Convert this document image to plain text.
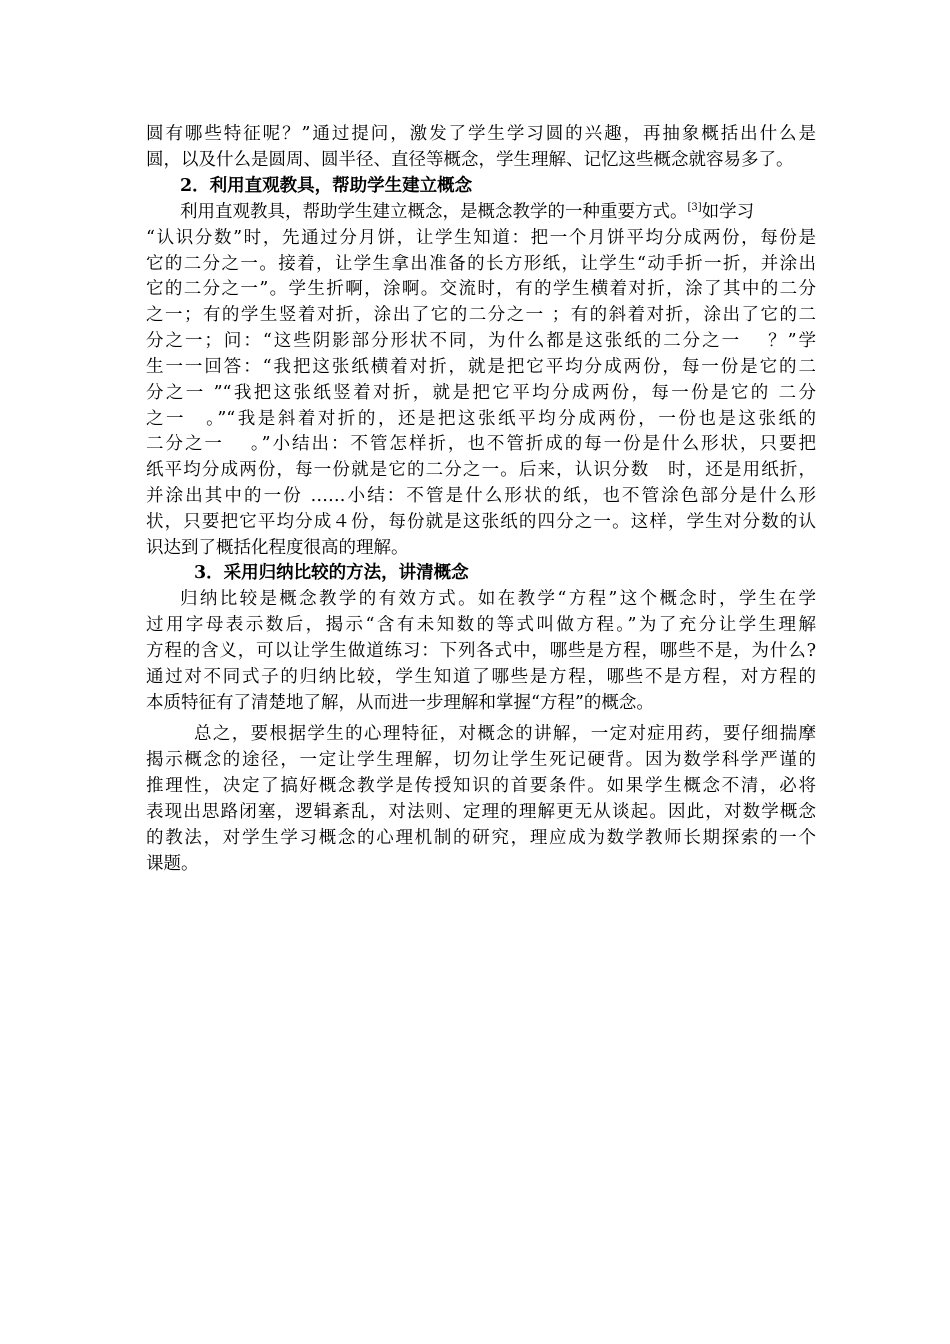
圆有哪些特征呢？”通过提问，激发了学生学习圆的兴趣，再抽象概括出什么是
圆，以及什么是圆周、圆半径、直径等概念，学生理解、记忆这些概念就容易多了。
2．利用直观教具，帮助学生建立概念
利用直观教具，帮助学生建立概念，是概念教学的一种重要方式。[3]如学习
“认识分数”时，先通过分月饼，让学生知道：把一个月饼平均分成两份，每份是
它的二分之一。接着，让学生拿出准备的长方形纸，让学生“动手折一折，并涂出
它的二分之一”。学生折啊，涂啊。交流时，有的学生横着对折，涂了其中的二分
之一；有的学生竖着对折，涂出了它的二分之一 ；有的斜着对折，涂出了它的二
分之一；问：“这些阴影部分形状不同，为什么都是这张纸的二分之一　 ？”学
生一一回答：“我把这张纸横着对折，就是把它平均分成两份，每一份是它的二
分之一 ”“我把这张纸竖着对折，就是把它平均分成两份，每一份是它的 二分
之一　。”“我是斜着对折的，还是把这张纸平均分成两份，一份也是这张纸的
二分之一　 。”小结出：不管怎样折，也不管折成的每一份是什么形状，只要把
纸平均分成两份，每一份就是它的二分之一。后来，认识分数　时，还是用纸折，
并涂出其中的一份 ……小结：不管是什么形状的纸，也不管涂色部分是什么形
状，只要把它平均分成４份，每份就是这张纸的四分之一。这样，学生对分数的认
识达到了概括化程度很高的理解。
3．采用归纳比较的方法，讲清概念
归纳比较是概念教学的有效方式。如在教学“方程”这个概念时，学生在学
过用字母表示数后，揭示“含有未知数的等式叫做方程。”为了充分让学生理解
方程的含义，可以让学生做道练习：下列各式中，哪些是方程，哪些不是，为什么?
通过对不同式子的归纳比较，学生知道了哪些是方程，哪些不是方程，对方程的
本质特征有了清楚地了解，从而进一步理解和掌握“方程”的概念。
总之，要根据学生的心理特征，对概念的讲解，一定对症用药，要仔细揣摩
揭示概念的途径，一定让学生理解，切勿让学生死记硬背。因为数学科学严谨的
推理性，决定了搞好概念教学是传授知识的首要条件。如果学生概念不清，必将
表现出思路闭塞，逻辑紊乱，对法则、定理的理解更无从谈起。因此，对数学概念
的教法，对学生学习概念的心理机制的研究，理应成为数学教师长期探索的一个
课题。
